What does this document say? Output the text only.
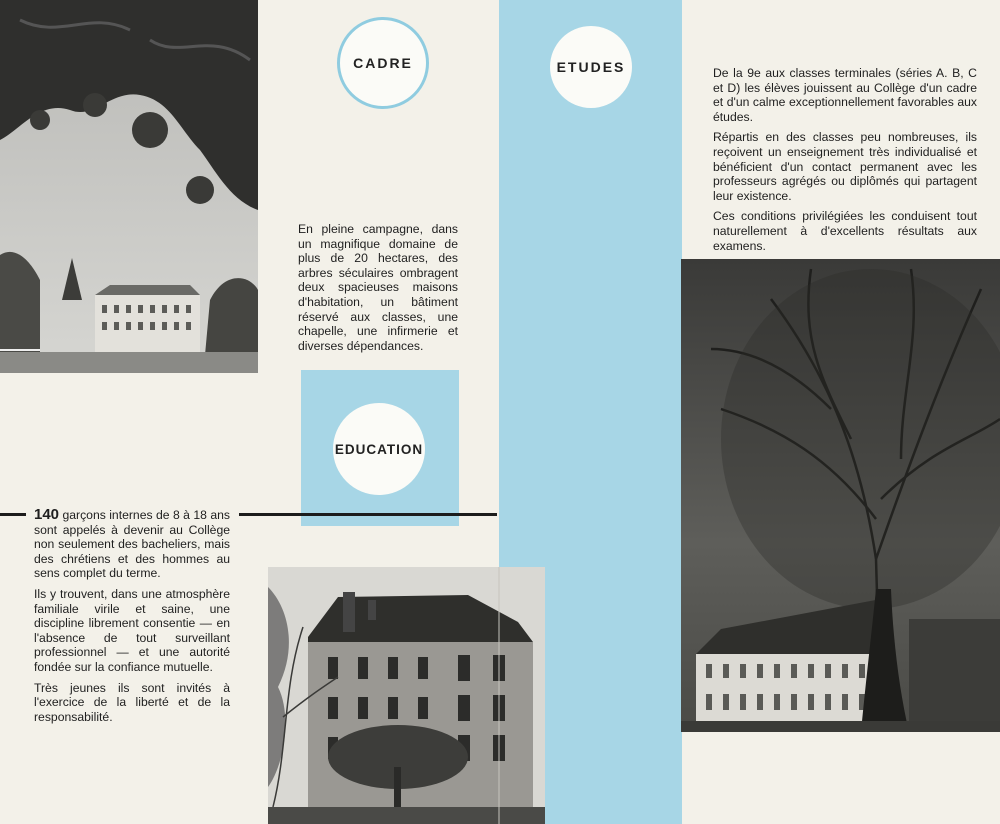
CADRE

En pleine campagne, dans un magnifique domaine de plus de 20 hectares, des arbres séculaires ombragent deux spacieuses maisons d'habitation, un bâtiment réservé aux classes, une chapelle, une infirmerie et diverses dépendances.

ETUDES	De la 9e aux classes terminales (séries A. B, C et D) les élèves jouissent au Collège d'un cadre et d'un calme exceptionnellement favorables aux études.

Répartis en des classes peu nombreuses, ils reçoivent un enseignement très individualisé et bénéficient d'un contact permanent avec les professeurs agrégés ou diplômés qui partagent leur existence.

Ces conditions privilégiées les conduisent tout naturellement à d'excellents résultats aux examens.

EDUCATION

140 garçons internes de 8 à 18 ans sont appelés à devenir au Collège non seulement des bacheliers, mais des chrétiens et des hommes au sens complet du terme.

Ils y trouvent, dans une atmosphère familiale virile et saine, une discipline librement consentie — en l'absence de tout surveillant professionnel — et une autorité fondée sur la confiance mutuelle.

Très jeunes ils sont invités à l'exercice de la liberté et de la responsabilité.
